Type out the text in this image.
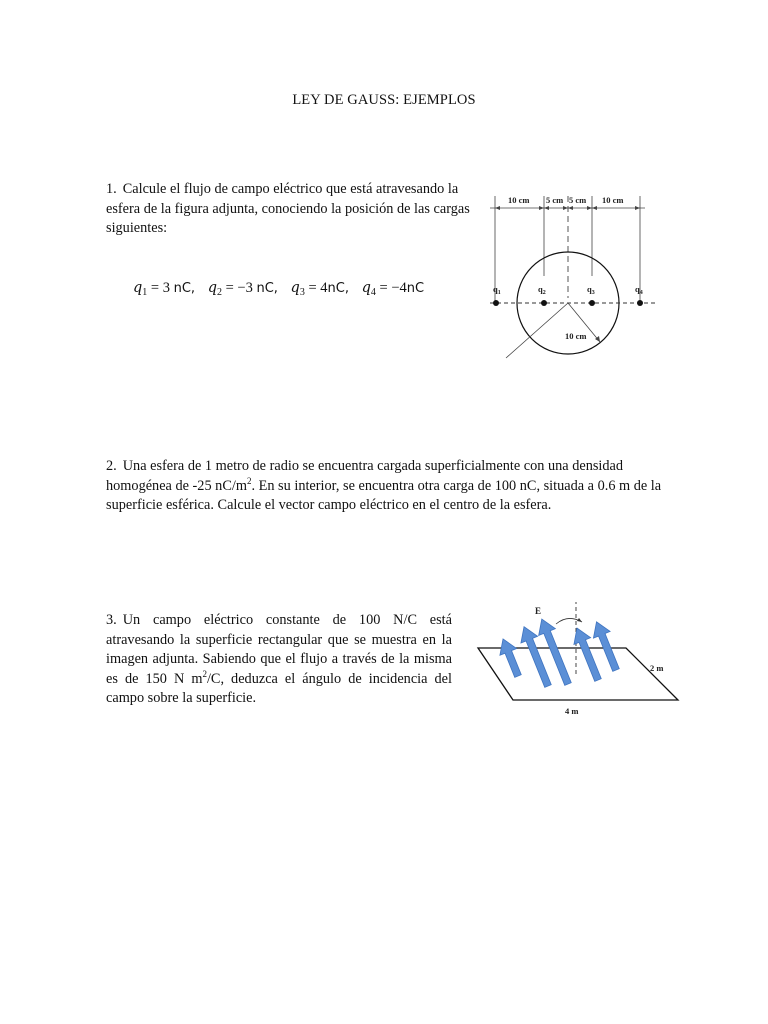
LEY DE GAUSS: EJEMPLOS
1. Calcule el flujo de campo eléctrico que está atravesando la esfera de la figura adjunta, conociendo la posición de las cargas siguientes:
$q_1 = 3$ nC, $q_2 = -3$ nC, $q_3 = 4nC$, $q_4 = -4nC$
10 cm 5 cm 5 cm 10 cm
10 cm
$q_1$	$q_2$	$q_3$	$q_4$
2. Una esfera de 1 metro de radio se encuentra cargada superficialmente con una densidad homogénea de -25 $nC/m^2$. En su interior, se encuentra otra carga de 100 nC, situada a 0.6 m de la superficie esférica. Calcule el vector campo eléctrico en el centro de la esfera.
3. Un campo eléctrico constante de 100 N/C está atravesando la superficie rectangular que se muestra en la imagen adjunta. Sabiendo que el flujo a través de la misma es de 150 N $m^2/C$, deduzca el ángulo de incidencia del campo sobre la superficie.
E
2 m
4 m
